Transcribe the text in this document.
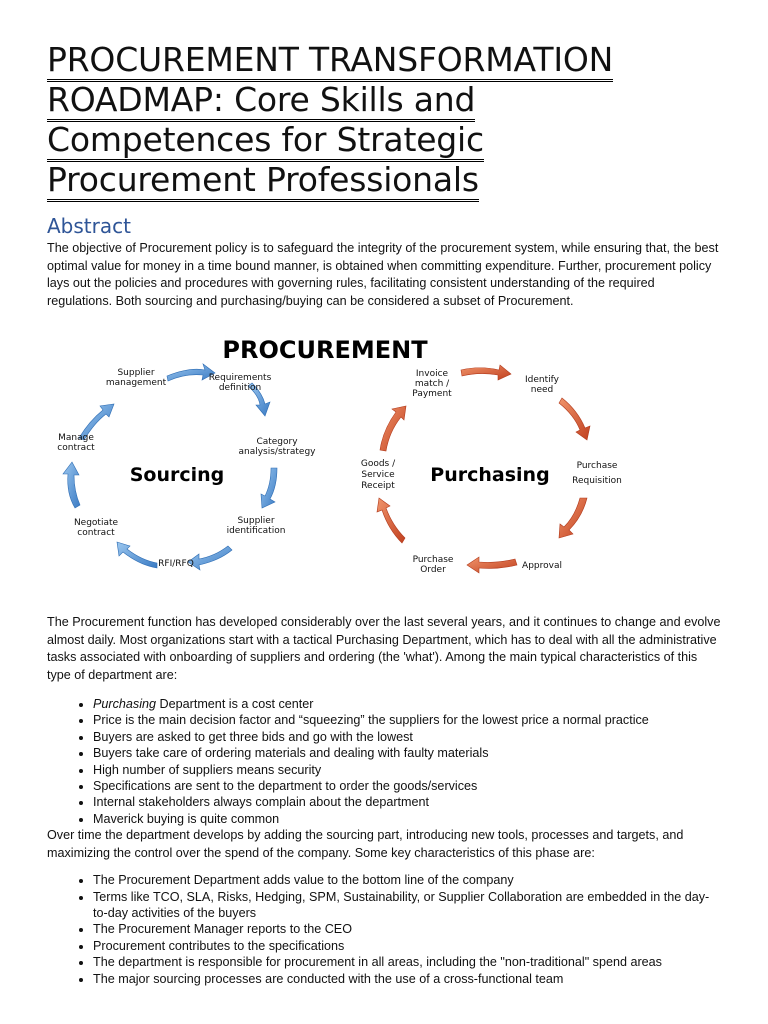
PROCUREMENT TRANSFORMATION
ROADMAP: Core Skills and
Competences for Strategic
Procurement Professionals
Abstract

The objective of Procurement policy is to safeguard the integrity of the procurement system, while ensuring that, the best optimal value for money in a time bound manner, is obtained when committing expenditure. Further, procurement policy lays out the policies and procedures with governing rules, facilitating consistent understanding of the required regulations. Both sourcing and purchasing/buying can be considered a subset of Procurement.

PROCUREMENT
Supplier
management	Requirements
definition
Category
analysis/strategy
Supplier
identification
RFI/RFQ
Negotiate
contract
Manage
contract
Sourcing
Invoice
match /
Payment
Identify
need
Purchase
Requisition
Approval
Purchase
Order
Goods /
Service
Receipt Purchasing

The Procurement function has developed considerably over the last several years, and it continues to change and evolve almost daily. Most organizations start with a tactical Purchasing Department, which has to deal with all the administrative tasks associated with onboarding of suppliers and ordering (the 'what'). Among the main typical characteristics of this type of department are:

• Purchasing Department is a cost center
• Price is the main decision factor and “squeezing” the suppliers for the lowest price a normal practice
• Buyers are asked to get three bids and go with the lowest
• Buyers take care of ordering materials and dealing with faulty materials
• High number of suppliers means security
• Specifications are sent to the department to order the goods/services
• Internal stakeholders always complain about the department
• Maverick buying is quite common

Over time the department develops by adding the sourcing part, introducing new tools, processes and targets, and maximizing the control over the spend of the company. Some key characteristics of this phase are:

• The Procurement Department adds value to the bottom line of the company
• Terms like TCO, SLA, Risks, Hedging, SPM, Sustainability, or Supplier Collaboration are embedded in the day-to-day activities of the buyers
• The Procurement Manager reports to the CEO
• Procurement contributes to the specifications
• The department is responsible for procurement in all areas, including the "non-traditional" spend areas
• The major sourcing processes are conducted with the use of a cross-functional team
